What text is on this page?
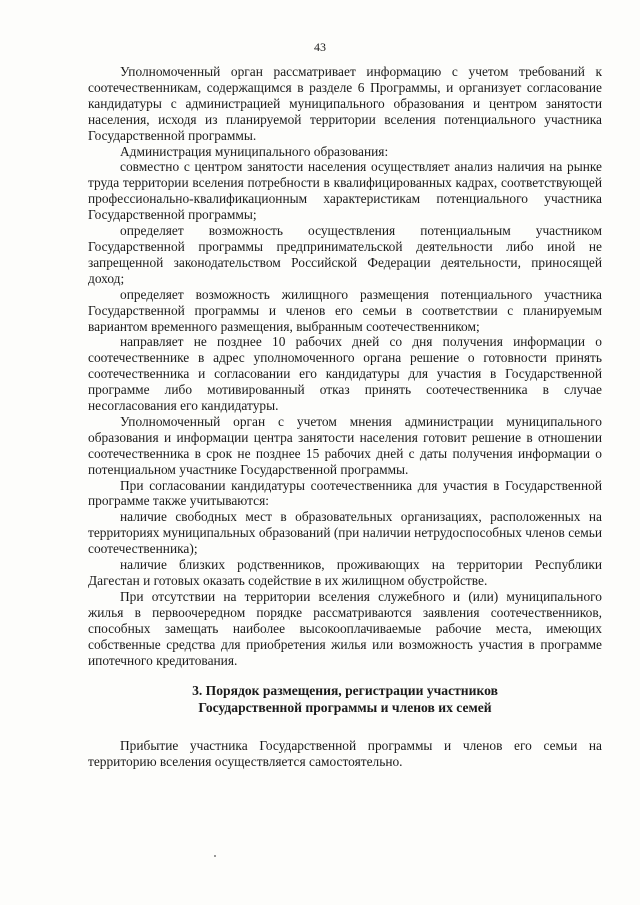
43

Уполномоченный орган рассматривает информацию с учетом требований к соотечественникам, содержащимся в разделе 6 Программы, и организует согласование кандидатуры с администрацией муниципального образования и центром занятости населения, исходя из планируемой территории вселения потенциального участника Государственной программы.

Администрация муниципального образования:

совместно с центром занятости населения осуществляет анализ наличия на рынке труда территории вселения потребности в квалифицированных кадрах, соответствующей профессионально-квалификационным характеристикам потенциального участника Государственной программы;

определяет возможность осуществления потенциальным участником Государственной программы предпринимательской деятельности либо иной не запрещенной законодательством Российской Федерации деятельности, приносящей доход;

определяет возможность жилищного размещения потенциального участника Государственной программы и членов его семьи в соответствии с планируемым вариантом временного размещения, выбранным соотечественником;

направляет не позднее 10 рабочих дней со дня получения информации о соотечественнике в адрес уполномоченного органа решение о готовности принять соотечественника и согласовании его кандидатуры для участия в Государственной программе либо мотивированный отказ принять соотечественника в случае несогласования его кандидатуры.

Уполномоченный орган с учетом мнения администрации муниципального образования и информации центра занятости населения готовит решение в отношении соотечественника в срок не позднее 15 рабочих дней с даты получения информации о потенциальном участнике Государственной программы.

При согласовании кандидатуры соотечественника для участия в Государственной программе также учитываются:

наличие свободных мест в образовательных организациях, расположенных на территориях муниципальных образований (при наличии нетрудоспособных членов семьи соотечественника);

наличие близких родственников, проживающих на территории Республики Дагестан и готовых оказать содействие в их жилищном обустройстве.

При отсутствии на территории вселения служебного и (или) муниципального жилья в первоочередном порядке рассматриваются заявления соотечественников, способных замещать наиболее высокооплачиваемые рабочие места, имеющих собственные средства для приобретения жилья или возможность участия в программе ипотечного кредитования.

3. Порядок размещения, регистрации участников
Государственной программы и членов их семей

Прибытие участника Государственной программы и членов его семьи на территорию вселения осуществляется самостоятельно.
